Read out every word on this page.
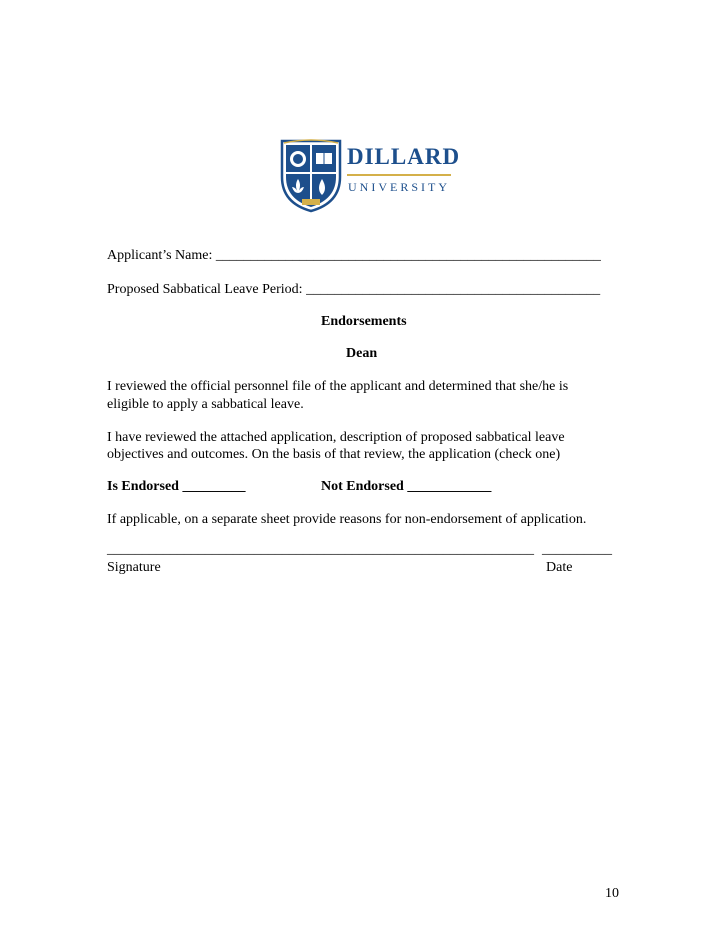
DILLARD
UNIVERSITY
Applicant’s Name: _______________________________________________________
Proposed Sabbatical Leave Period: __________________________________________
Endorsements
Dean
I reviewed the official personnel file of the applicant and determined that she/he is
eligible to apply a sabbatical leave.
I have reviewed the attached application, description of proposed sabbatical leave
objectives and outcomes. On the basis of that review, the application (check one)
Is Endorsed _________	Not Endorsed ____________
If applicable, on a separate sheet provide reasons for non-endorsement of application.
_____________________________________________________________ __________
Signature	Date
10
